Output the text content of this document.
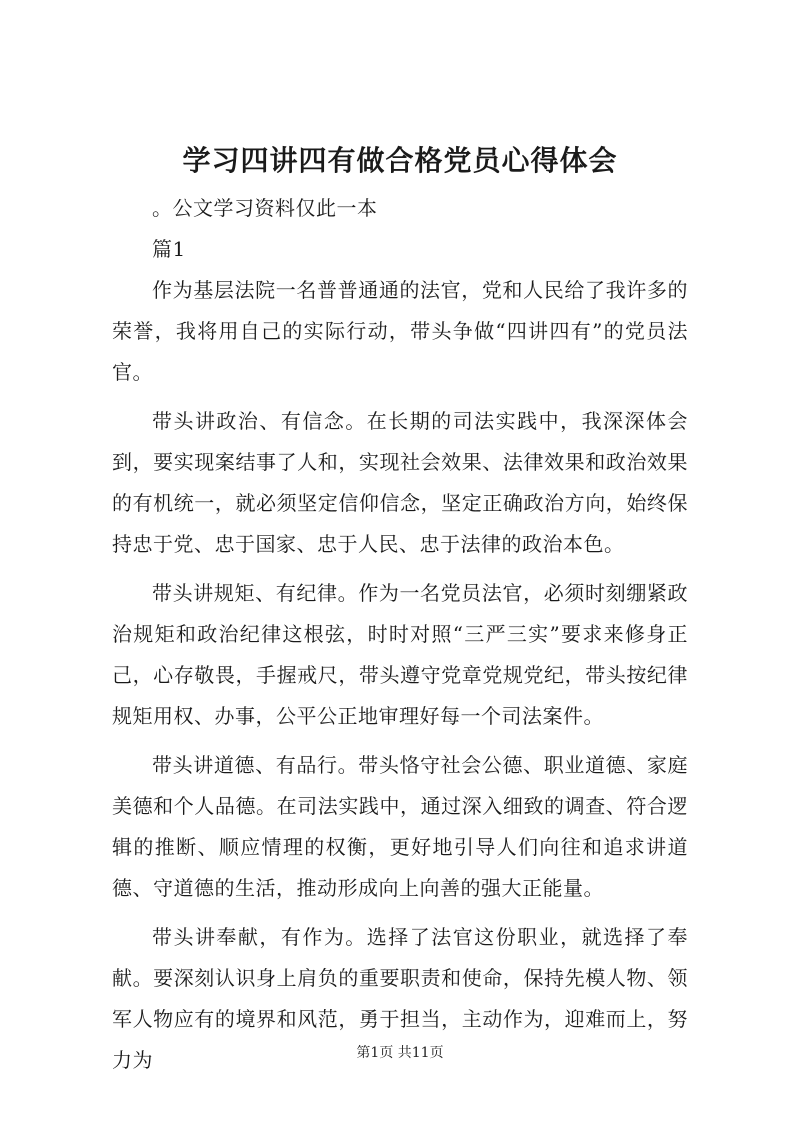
学习四讲四有做合格党员心得体会

。公文学习资料仅此一本

篇1

作为基层法院一名普普通通的法官，党和人民给了我许多的荣誉，我将用自己的实际行动，带头争做“四讲四有”的党员法官。

带头讲政治、有信念。在长期的司法实践中，我深深体会到，要实现案结事了人和，实现社会效果、法律效果和政治效果的有机统一，就必须坚定信仰信念，坚定正确政治方向，始终保持忠于党、忠于国家、忠于人民、忠于法律的政治本色。

带头讲规矩、有纪律。作为一名党员法官，必须时刻绷紧政治规矩和政治纪律这根弦，时时对照“三严三实”要求来修身正己，心存敬畏，手握戒尺，带头遵守党章党规党纪，带头按纪律规矩用权、办事，公平公正地审理好每一个司法案件。

带头讲道德、有品行。带头恪守社会公德、职业道德、家庭美德和个人品德。在司法实践中，通过深入细致的调查、符合逻辑的推断、顺应情理的权衡，更好地引导人们向往和追求讲道德、守道德的生活，推动形成向上向善的强大正能量。

带头讲奉献，有作为。选择了法官这份职业，就选择了奉献。要深刻认识身上肩负的重要职责和使命，保持先模人物、领军人物应有的境界和风范，勇于担当，主动作为，迎难而上，努力为	第1页 共11页
